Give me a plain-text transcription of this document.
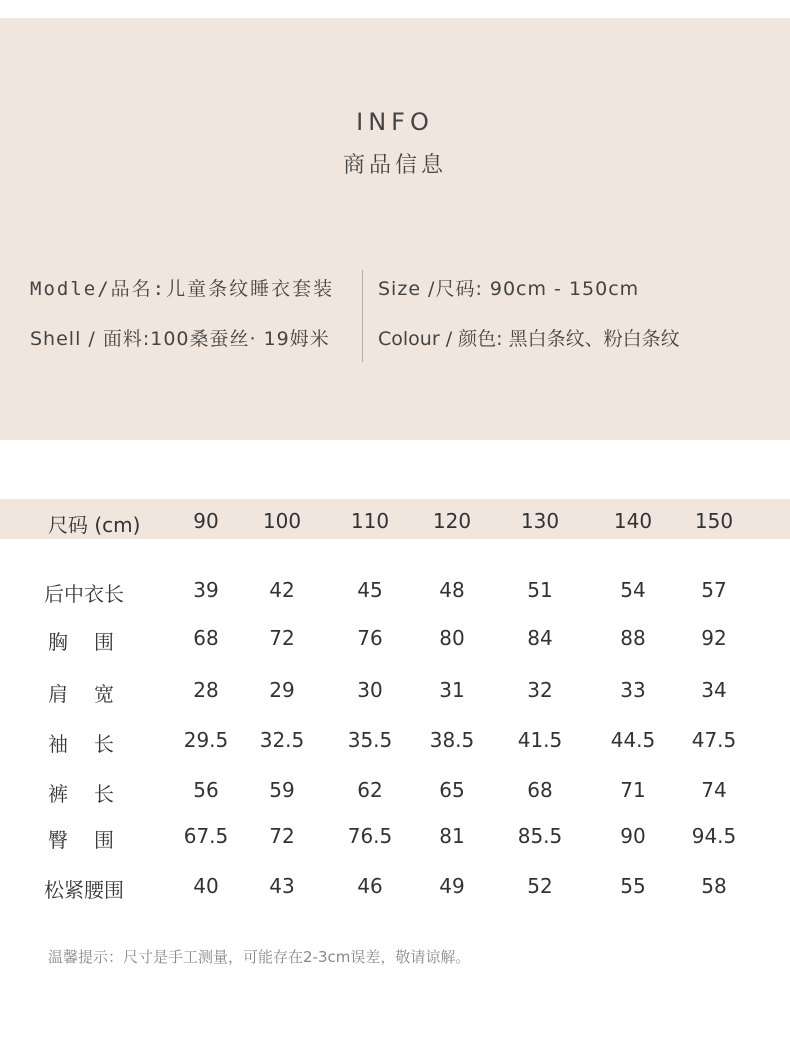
INFO
商品信息
Modle/品名:儿童条纹睡衣套装
Shell / 面料:100桑蚕丝· 19姆米
Size /尺码: 90cm - 150cm
Colour / 颜色: 黑白条纹、粉白条纹
尺码 (cm)	90 100 110 120 130	140 150
后中衣长	39	42	45	48	51	54	57
胸围	68	72	76	80	84	88	92
肩宽	28	29	30	31	32	33	34
袖长 29.5 32.5 35.5 38.5 41.5 44.5 47.5
裤长	56	59	62	65	68	71	74
臀围 67.5 72	76.5 81	85.5	90 94.5
松紧腰围	40	43	46	49	52	55	58
温馨提示：尺寸是手工测量，可能存在2-3cm误差，敬请谅解。
